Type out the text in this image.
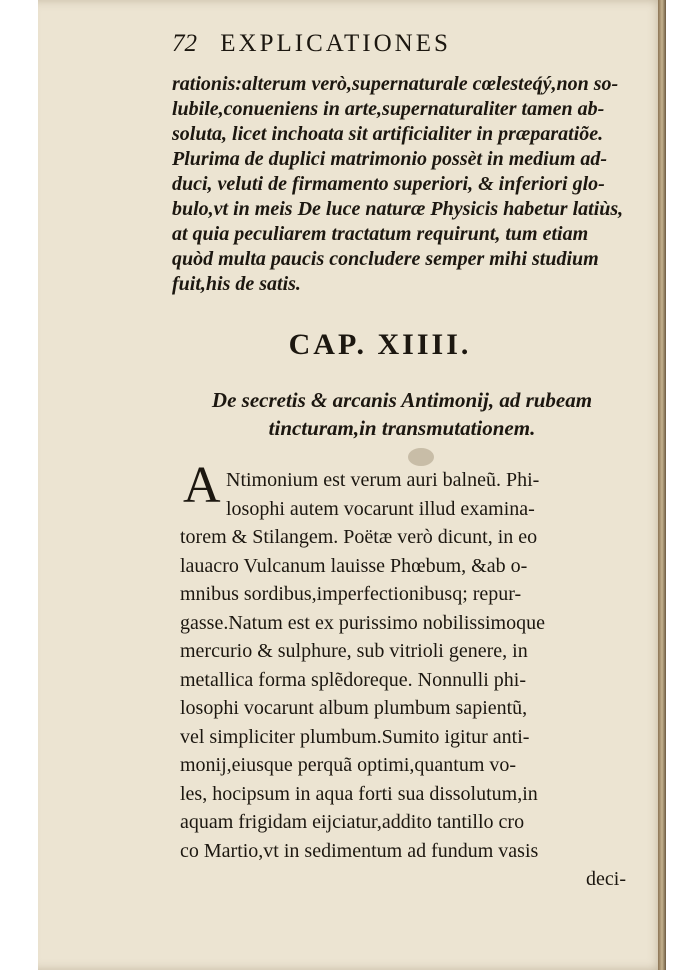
72 EXPLICATIONES
rationis:alterum verò,supernaturale cœlesteq́ý,non so-
lubile,conueniens in arte,supernaturaliter tamen ab-
soluta, licet inchoata sit artificialiter in præparatiõe.
Plurima de duplici matrimonio possèt in medium ad-
duci, veluti de firmamento superiori, & inferiori glo-
bulo,vt in meis De luce naturæ Physicis habetur latiùs,
at quia peculiarem tractatum requirunt, tum etiam
quòd multa paucis concludere semper mihi studium
fuit,his de satis.
CAP. XIIII.
De secretis & arcanis Antimonij, ad rubeam
tincturam,in transmutationem.
A Ntimonium est verum auri balneũ. Phi-
losophi autem vocarunt illud examina-
torem & Stilangem. Poëtæ verò dicunt, in eo
lauacro Vulcanum lauisse Phœbum, &ab o-
mnibus sordibus,imperfectionibusq; repur-
gasse.Natum est ex purissimo nobilissimoque
mercurio & sulphure, sub vitrioli genere, in
metallica forma splẽdoreque. Nonnulli phi-
losophi vocarunt album plumbum sapientũ,
vel simpliciter plumbum.Sumito igitur anti-
monij,eiusque perquã optimi,quantum vo-
les, hocipsum in aqua forti sua dissolutum,in
aquam frigidam eijciatur,addito tantillo cro
co Martio,vt in sedimentum ad fundum vasis
deci-
